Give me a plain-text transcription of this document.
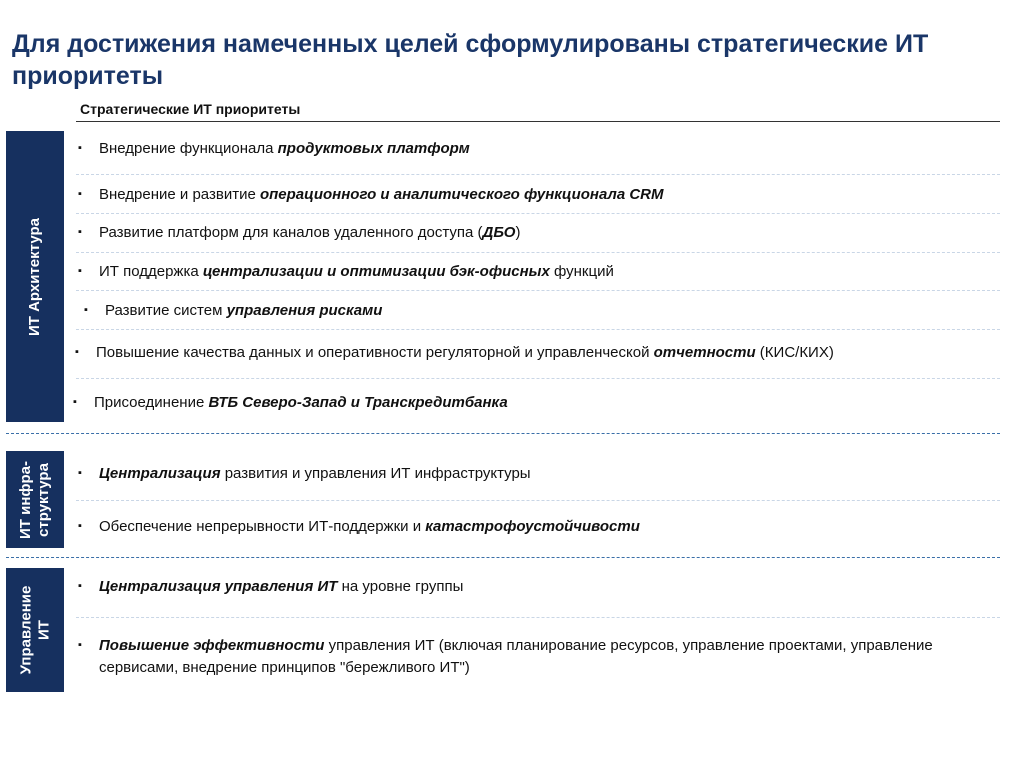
Для достижения намеченных целей сформулированы стратегические ИТ приоритеты
Стратегические ИТ приоритеты
ИТ Архитектура
ИТ инфра- структура
Управление ИТ
▪ Внедрение функционала продуктовых платформ
▪ Внедрение и развитие операционного и аналитического функционала CRM
▪ Развитие платформ для каналов удаленного доступа (ДБО)
▪ ИТ поддержка централизации и оптимизации бэк-офисных функций
▪ Развитие систем управления рисками
▪ Повышение качества данных и оперативности регуляторной и управленческой отчетности (КИС/КИХ)
▪ Присоединение ВТБ Северо-Запад и Транскредитбанка
▪ Централизация развития и управления ИТ инфраструктуры
▪ Обеспечение непрерывности ИТ-поддержки и катастрофоустойчивости
▪ Централизация управления ИТ на уровне группы
▪ Повышение эффективности управления ИТ (включая планирование ресурсов, управление проектами, управление сервисами, внедрение принципов "бережливого ИТ")
